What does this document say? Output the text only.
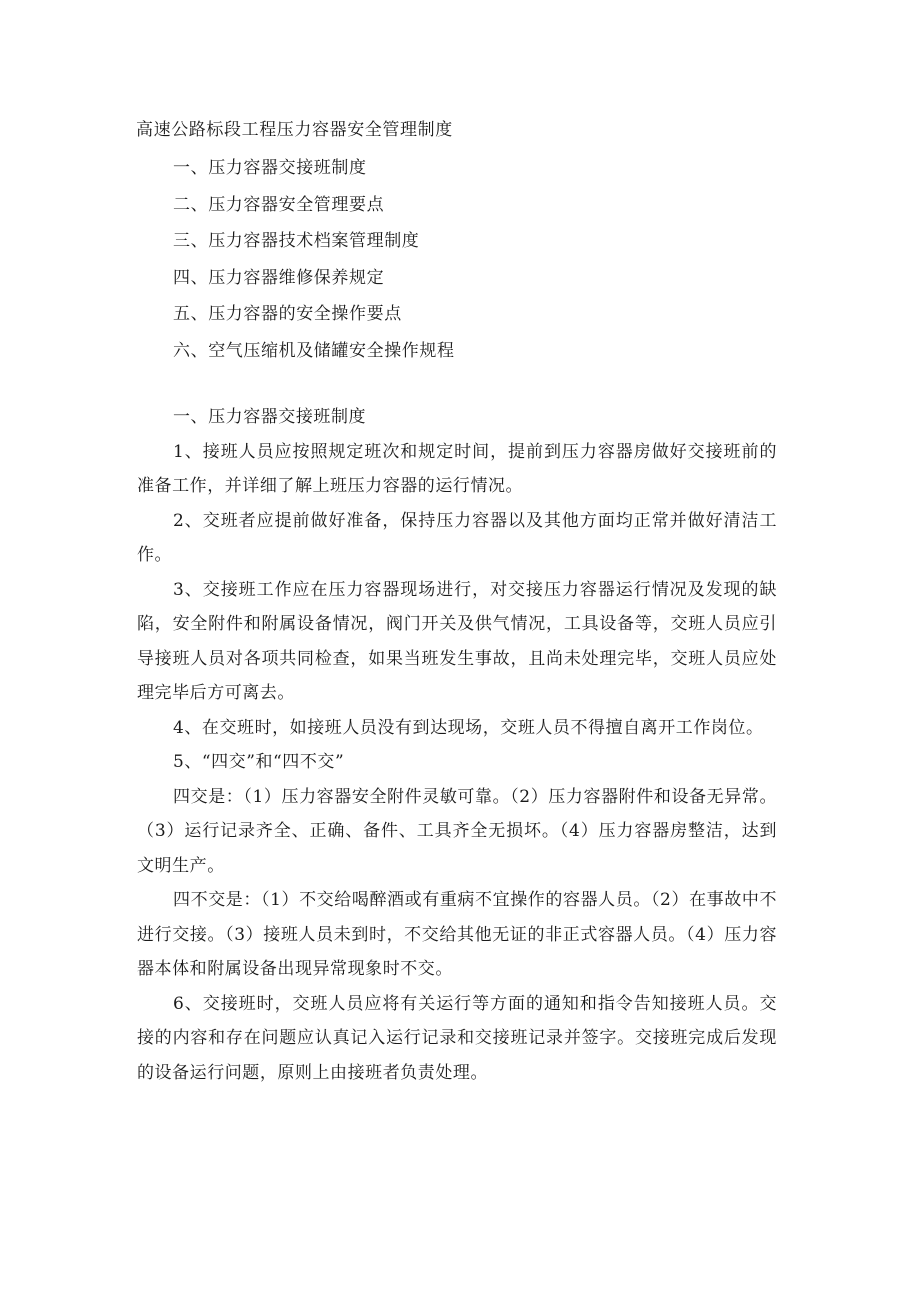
高速公路标段工程压力容器安全管理制度
一、压力容器交接班制度
二、压力容器安全管理要点
三、压力容器技术档案管理制度
四、压力容器维修保养规定
五、压力容器的安全操作要点
六、空气压缩机及储罐安全操作规程

一、压力容器交接班制度

1、接班人员应按照规定班次和规定时间，提前到压力容器房做好交接班前的准备工作，并详细了解上班压力容器的运行情况。

2、交班者应提前做好准备，保持压力容器以及其他方面均正常并做好清洁工作。

3、交接班工作应在压力容器现场进行，对交接压力容器运行情况及发现的缺陷，安全附件和附属设备情况，阀门开关及供气情况，工具设备等，交班人员应引导接班人员对各项共同检查，如果当班发生事故，且尚未处理完毕，交班人员应处理完毕后方可离去。

4、在交班时，如接班人员没有到达现场，交班人员不得擅自离开工作岗位。

5、“四交”和“四不交”

四交是：（1）压力容器安全附件灵敏可靠。（2）压力容器附件和设备无异常。（3）运行记录齐全、正确、备件、工具齐全无损坏。（4）压力容器房整洁，达到文明生产。

四不交是：（1）不交给喝醉酒或有重病不宜操作的容器人员。（2）在事故中不进行交接。（3）接班人员未到时，不交给其他无证的非正式容器人员。（4）压力容器本体和附属设备出现异常现象时不交。

6、交接班时，交班人员应将有关运行等方面的通知和指令告知接班人员。交接的内容和存在问题应认真记入运行记录和交接班记录并签字。交接班完成后发现的设备运行问题，原则上由接班者负责处理。
